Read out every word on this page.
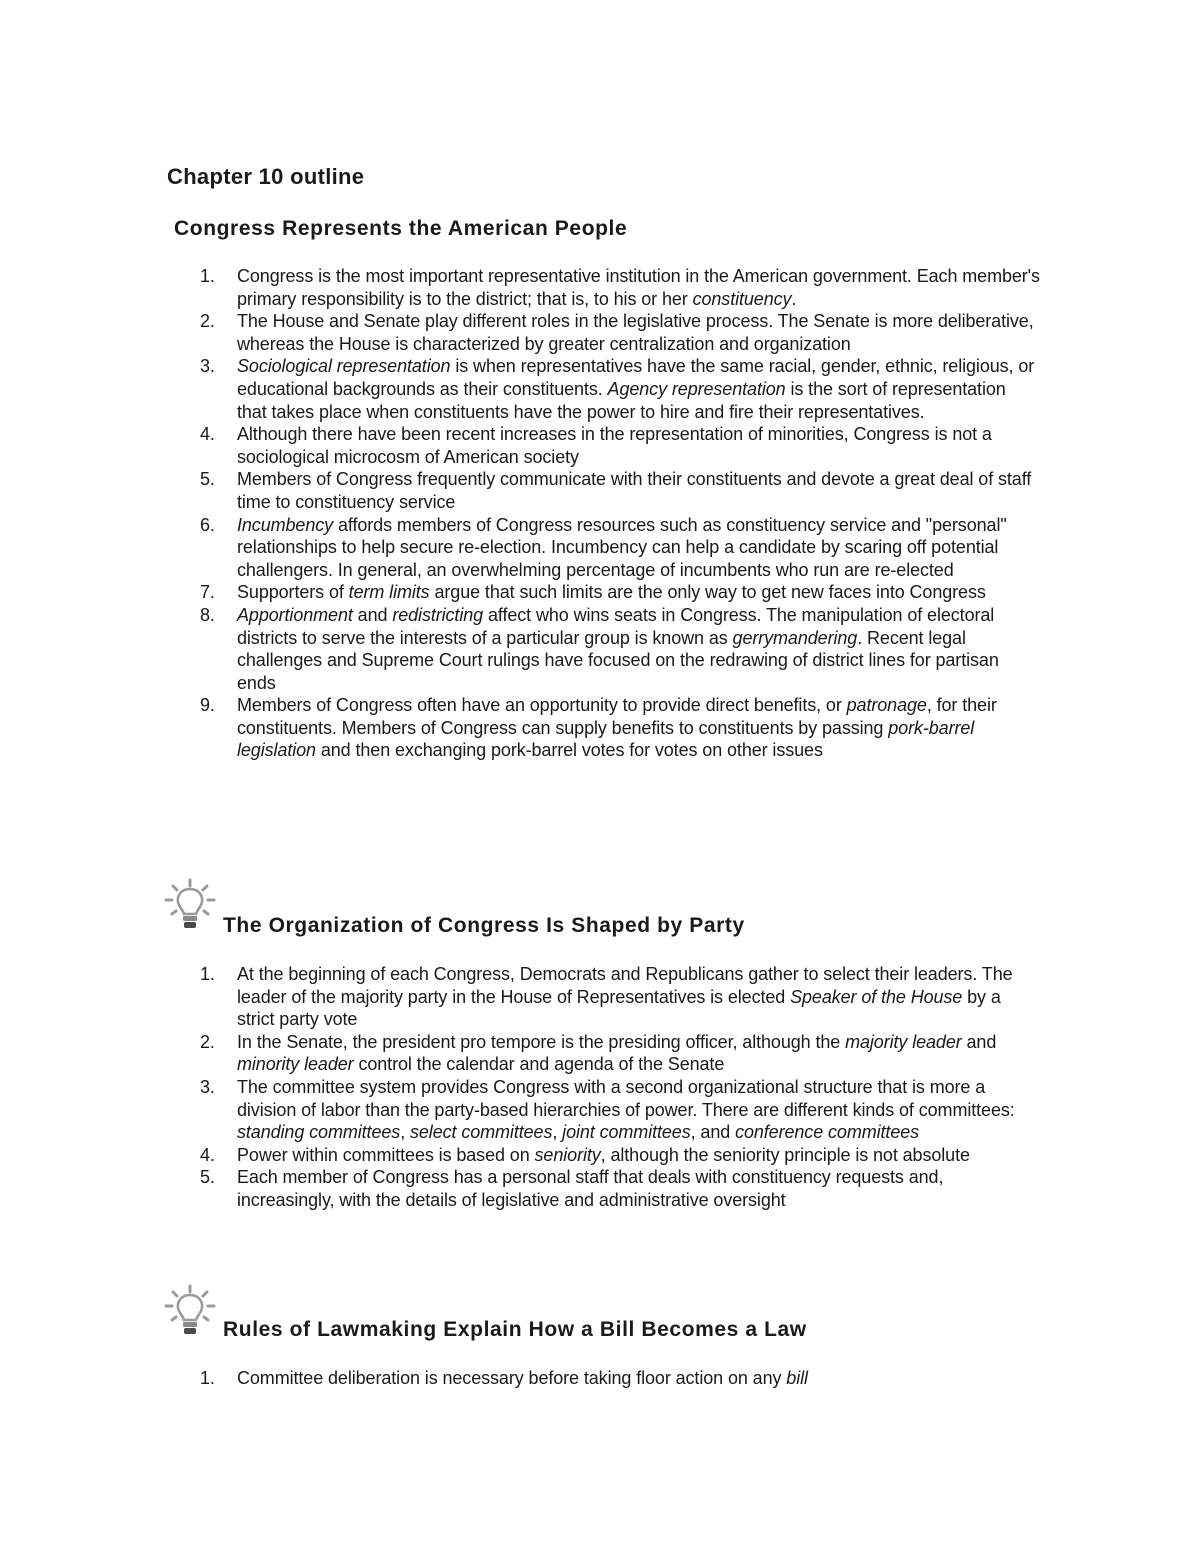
Chapter 10 outline
Congress Represents the American People
1. Congress is the most important representative institution in the American government. Each member's primary responsibility is to the district; that is, to his or her constituency.
2. The House and Senate play different roles in the legislative process. The Senate is more deliberative, whereas the House is characterized by greater centralization and organization
3. Sociological representation is when representatives have the same racial, gender, ethnic, religious, or educational backgrounds as their constituents. Agency representation is the sort of representation that takes place when constituents have the power to hire and fire their representatives.
4. Although there have been recent increases in the representation of minorities, Congress is not a sociological microcosm of American society
5. Members of Congress frequently communicate with their constituents and devote a great deal of staff time to constituency service
6. Incumbency affords members of Congress resources such as constituency service and "personal" relationships to help secure re-election. Incumbency can help a candidate by scaring off potential challengers. In general, an overwhelming percentage of incumbents who run are re-elected
7. Supporters of term limits argue that such limits are the only way to get new faces into Congress
8. Apportionment and redistricting affect who wins seats in Congress. The manipulation of electoral districts to serve the interests of a particular group is known as gerrymandering. Recent legal challenges and Supreme Court rulings have focused on the redrawing of district lines for partisan ends
9. Members of Congress often have an opportunity to provide direct benefits, or patronage, for their constituents. Members of Congress can supply benefits to constituents by passing pork-barrel legislation and then exchanging pork-barrel votes for votes on other issues
The Organization of Congress Is Shaped by Party
1. At the beginning of each Congress, Democrats and Republicans gather to select their leaders. The leader of the majority party in the House of Representatives is elected Speaker of the House by a strict party vote
2. In the Senate, the president pro tempore is the presiding officer, although the majority leader and minority leader control the calendar and agenda of the Senate
3. The committee system provides Congress with a second organizational structure that is more a division of labor than the party-based hierarchies of power. There are different kinds of committees: standing committees, select committees, joint committees, and conference committees
4. Power within committees is based on seniority, although the seniority principle is not absolute
5. Each member of Congress has a personal staff that deals with constituency requests and, increasingly, with the details of legislative and administrative oversight
Rules of Lawmaking Explain How a Bill Becomes a Law
1. Committee deliberation is necessary before taking floor action on any bill
